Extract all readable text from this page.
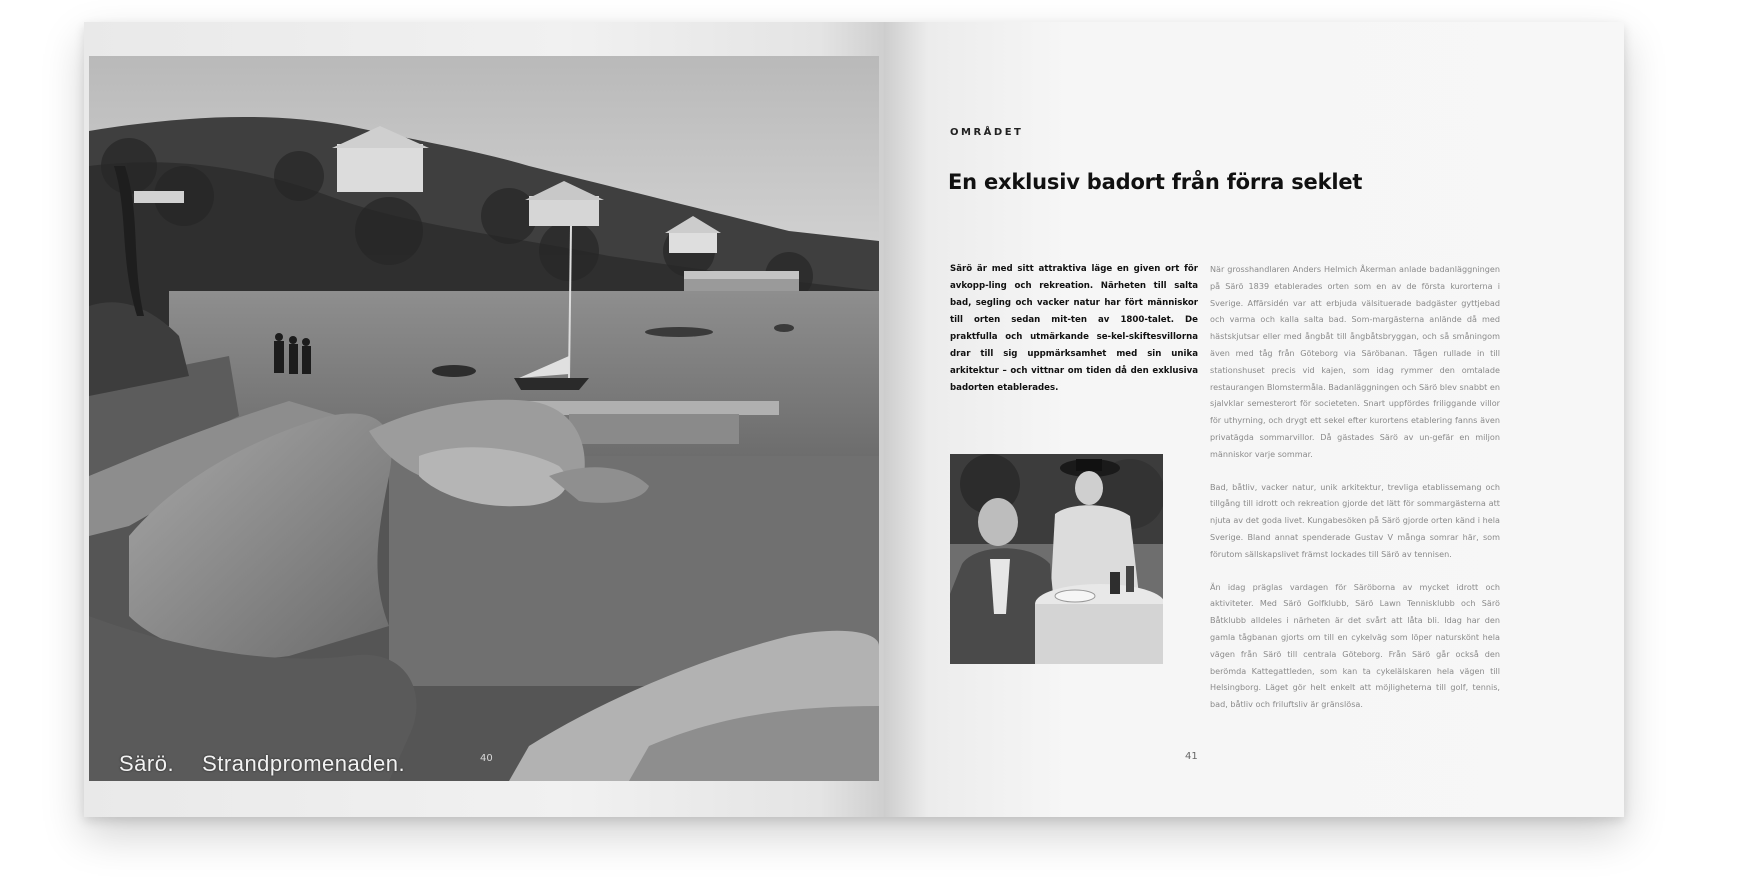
Särö. Strandpromenaden.	40
OMRÅDET
En exklusiv badort från förra seklet
Särö är med sitt attraktiva läge en given ort för avkopp-ling och rekreation. Närheten till salta bad, segling och vacker natur har fört människor till orten sedan mit-ten av 1800-talet. De praktfulla och utmärkande se-kel-skiftesvillorna drar till sig uppmärksamhet med sin unika arkitektur – och vittnar om tiden då den exklusiva badorten etablerades.

När grosshandlaren Anders Helmich Åkerman anlade badanläggningen på Särö 1839 etablerades orten som en av de första kurorterna i Sverige. Affärsidén var att erbjuda välsituerade badgäster gyttjebad och varma och kalla salta bad. Som-margästerna anlände då med hästskjutsar eller med ångbåt till ångbåtsbryggan, och så småningom även med tåg från Göteborg via Säröbanan. Tågen rullade in till stationshuset precis vid kajen, som idag rymmer den omtalade restaurangen Blomstermåla. Badanläggningen och Särö blev snabbt en sjalvklar semesterort för societeten. Snart uppfördes friliggande villor för uthyrning, och drygt ett sekel efter kurortens etablering fanns även privatägda sommarvillor. Då gästades Särö av un-gefär en miljon människor varje sommar.

Bad, båtliv, vacker natur, unik arkitektur, trevliga etablissemang och tillgång till idrott och rekreation gjorde det lätt för sommargästerna att njuta av det goda livet. Kungabesöken på Särö gjorde orten känd i hela Sverige. Bland annat spenderade Gustav V många somrar här, som förutom sällskapslivet främst lockades till Särö av tennisen.

Än idag präglas vardagen för Säröborna av mycket idrott och aktiviteter. Med Särö Golfklubb, Särö Lawn Tennisklubb och Särö Båtklubb alldeles i närheten är det svårt att låta bli. Idag har den gamla tågbanan gjorts om till en cykelväg som löper naturskönt hela vägen från Särö till centrala Göteborg. Från Särö går också den berömda Kattegattleden, som kan ta cykelälskaren hela vägen till Helsingborg. Läget gör helt enkelt att möjligheterna till golf, tennis, bad, båtliv och friluftsliv är gränslösa.

41
